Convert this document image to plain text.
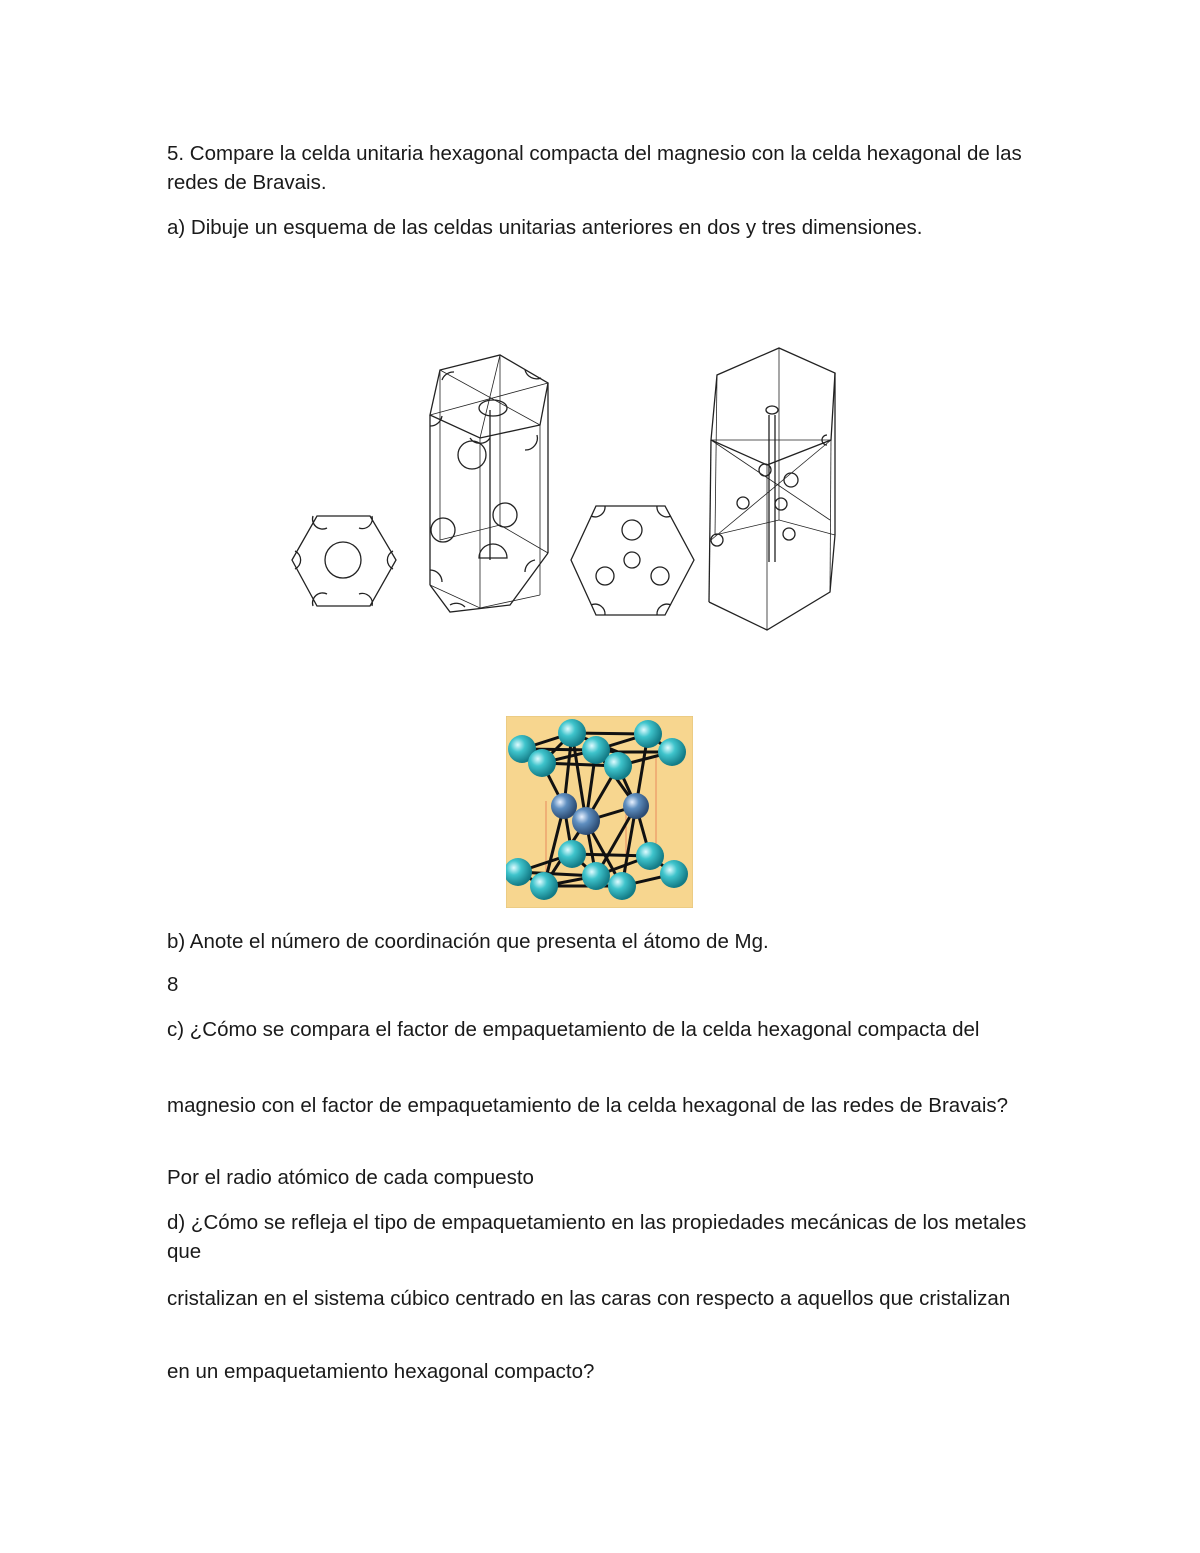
5. Compare la celda unitaria hexagonal compacta del magnesio con la celda hexagonal de las redes de Bravais.

a) Dibuje un esquema de las celdas unitarias anteriores en dos y tres dimensiones.

b) Anote el número de coordinación que presenta el átomo de Mg.

8

c) ¿Cómo se compara el factor de empaquetamiento de la celda hexagonal compacta del

magnesio con el factor de empaquetamiento de la celda hexagonal de las redes de Bravais?

Por el radio atómico de cada compuesto

d) ¿Cómo se refleja el tipo de empaquetamiento en las propiedades mecánicas de los metales que

cristalizan en el sistema cúbico centrado en las caras con respecto a aquellos que cristalizan

en un empaquetamiento hexagonal compacto?
